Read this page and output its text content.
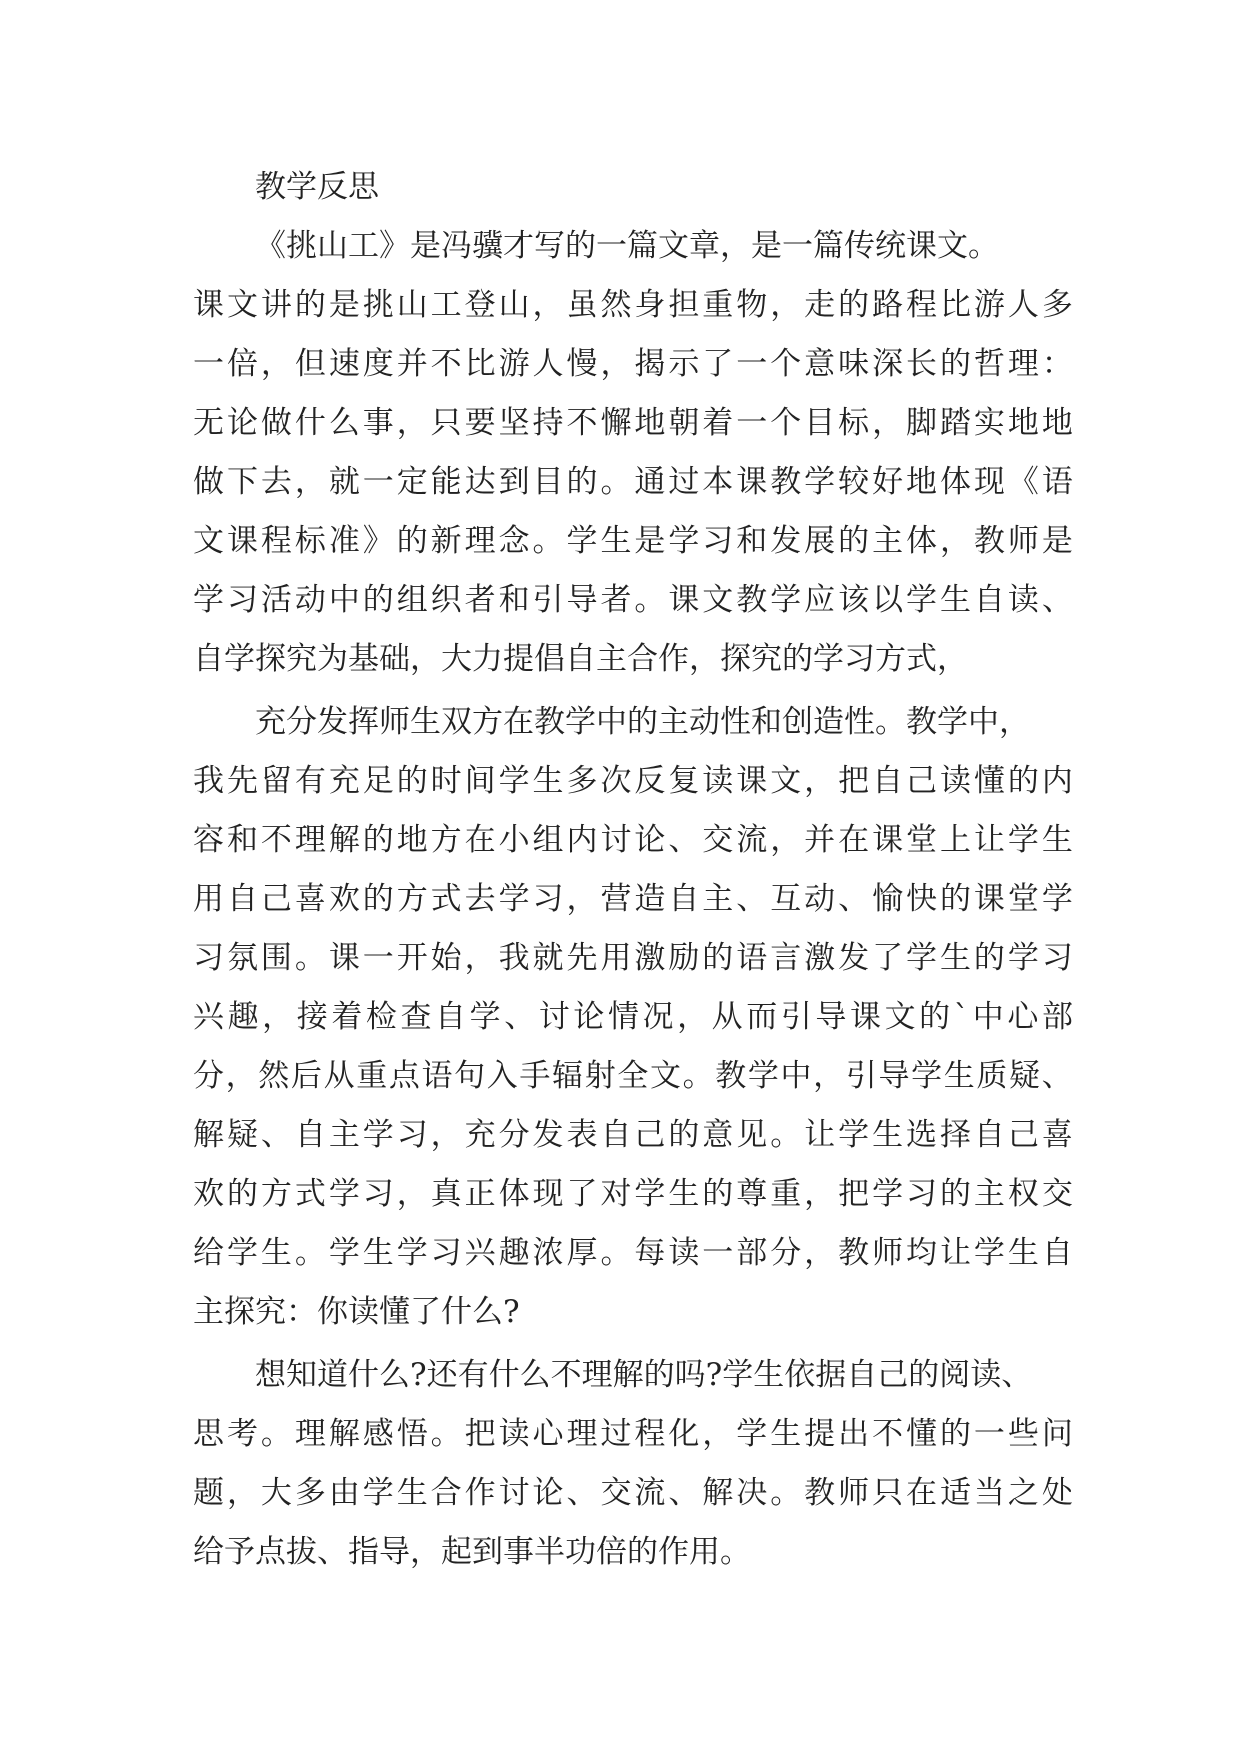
教学反思
《挑山工》是冯骥才写的一篇文章，是一篇传统课文。
课 文 讲 的 是 挑 山 工 登 山 ， 虽 然 身 担 重 物 ， 走 的 路 程 比 游 人 多
一 倍 ， 但 速 度 并 不 比 游 人 慢 ， 揭 示 了 一 个 意 味 深 长 的 哲 理 ：
无 论 做 什 么 事 ， 只 要 坚 持 不 懈 地 朝 着 一 个 目 标 ， 脚 踏 实 地 地
做 下 去 ， 就 一 定 能 达 到 目 的 。 通 过 本 课 教 学 较 好 地 体 现 《 语
文 课 程 标 准 》 的 新 理 念 。 学 生 是 学 习 和 发 展 的 主 体 ， 教 师 是
学 习 活 动 中 的 组 织 者 和 引 导 者 。 课 文 教 学 应 该 以 学 生 自 读 、
自学探究为基础，大力提倡自主合作，探究的学习方式，
充分发挥师生双方在教学中的主动性和创造性。教学中，
我 先 留 有 充 足 的 时 间 学 生 多 次 反 复 读 课 文 ， 把 自 己 读 懂 的 内
容 和 不 理 解 的 地 方 在 小 组 内 讨 论 、 交 流 ， 并 在 课 堂 上 让 学 生
用 自 己 喜 欢 的 方 式 去 学 习 ， 营 造 自 主 、 互 动 、 愉 快 的 课 堂 学
习 氛 围 。 课 一 开 始 ， 我 就 先 用 激 励 的 语 言 激 发 了 学 生 的 学 习
兴 趣 ， 接 着 检 查 自 学 、 讨 论 情 况 ， 从 而 引 导 课 文 的 ` 中 心 部
分 ， 然 后 从 重 点 语 句 入 手 辐 射 全 文 。 教 学 中 ， 引 导 学 生 质 疑 、
解 疑 、 自 主 学 习 ， 充 分 发 表 自 己 的 意 见 。 让 学 生 选 择 自 己 喜
欢 的 方 式 学 习 ， 真 正 体 现 了 对 学 生 的 尊 重 ， 把 学 习 的 主 权 交
给 学 生 。 学 生 学 习 兴 趣 浓 厚 。 每 读 一 部 分 ， 教 师 均 让 学 生 自
主探究：你读懂了什么?
想知道什么?还有什么不理解的吗?学生依据自己的阅读、
思 考 。 理 解 感 悟 。 把 读 心 理 过 程 化 ， 学 生 提 出 不 懂 的 一 些 问
题 ， 大 多 由 学 生 合 作 讨 论 、 交 流 、 解 决 。 教 师 只 在 适 当 之 处
给予点拔、指导，起到事半功倍的作用。
